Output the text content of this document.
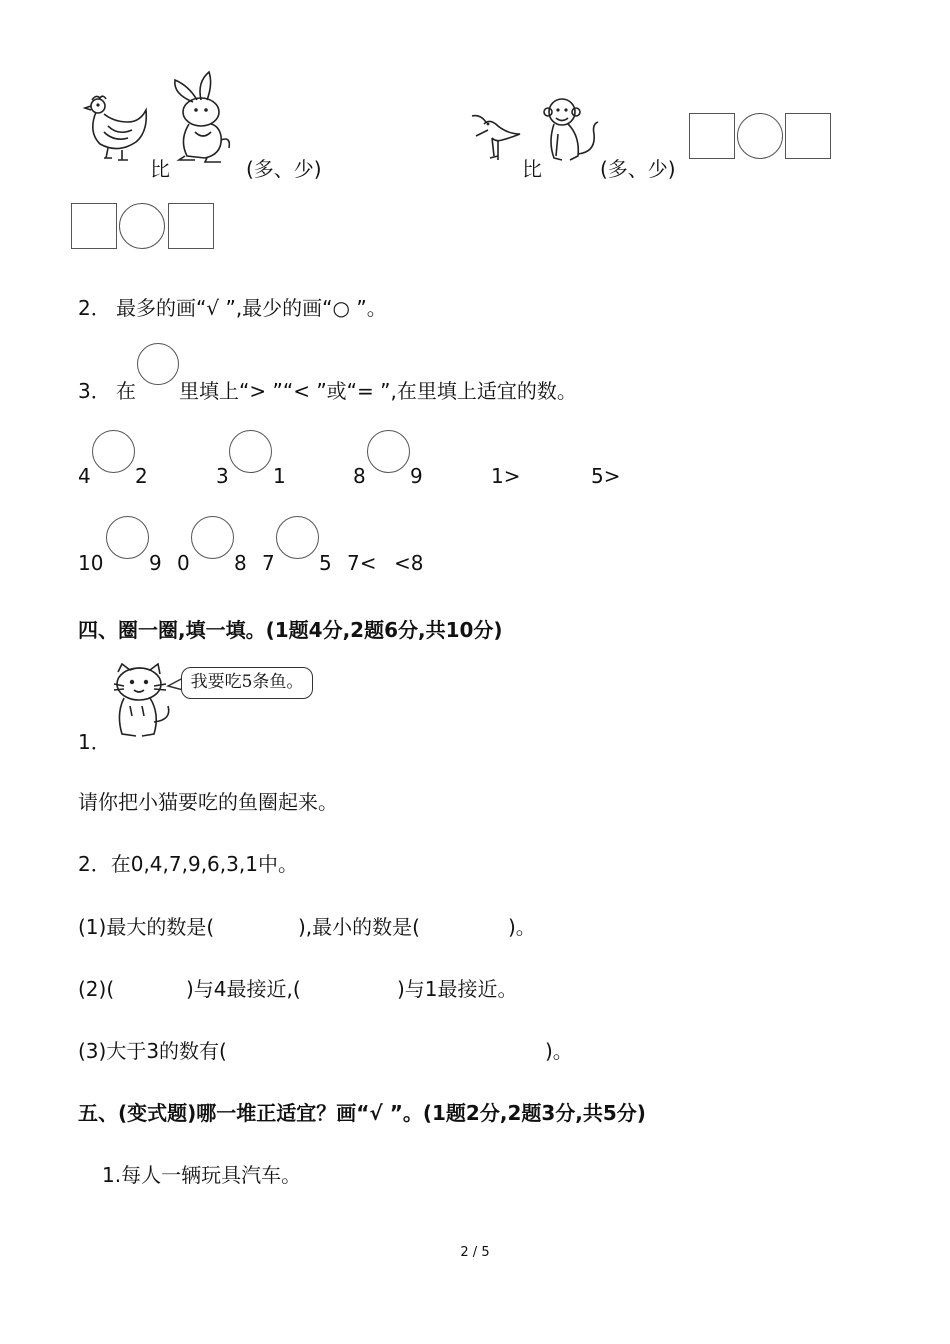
比	(多、少)	比	(多、少)
2． 最多的画“√ ”,最少的画“○ ”。
3． 在 里填上“> ”“< ”或“= ”,在里填上适宜的数。
4 2	3 1	8 9	1>	5>
10 9 0 8 7 5 7< <8
四、圈一圈,填一填。(1题4分,2题6分,共10分)
我要吃5条鱼。
1．
请你把小猫要吃的鱼圈起来。
2．在0,4,7,9,6,3,1中。
(1)最大的数是(	),最小的数是(	)。
(2)(	)与4最接近,(	)与1最接近。
(3)大于3的数有(	)。
五、(变式题)哪一堆正适宜？画“√ ”。(1题2分,2题3分,共5分)
1.每人一辆玩具汽车。
2 / 5
